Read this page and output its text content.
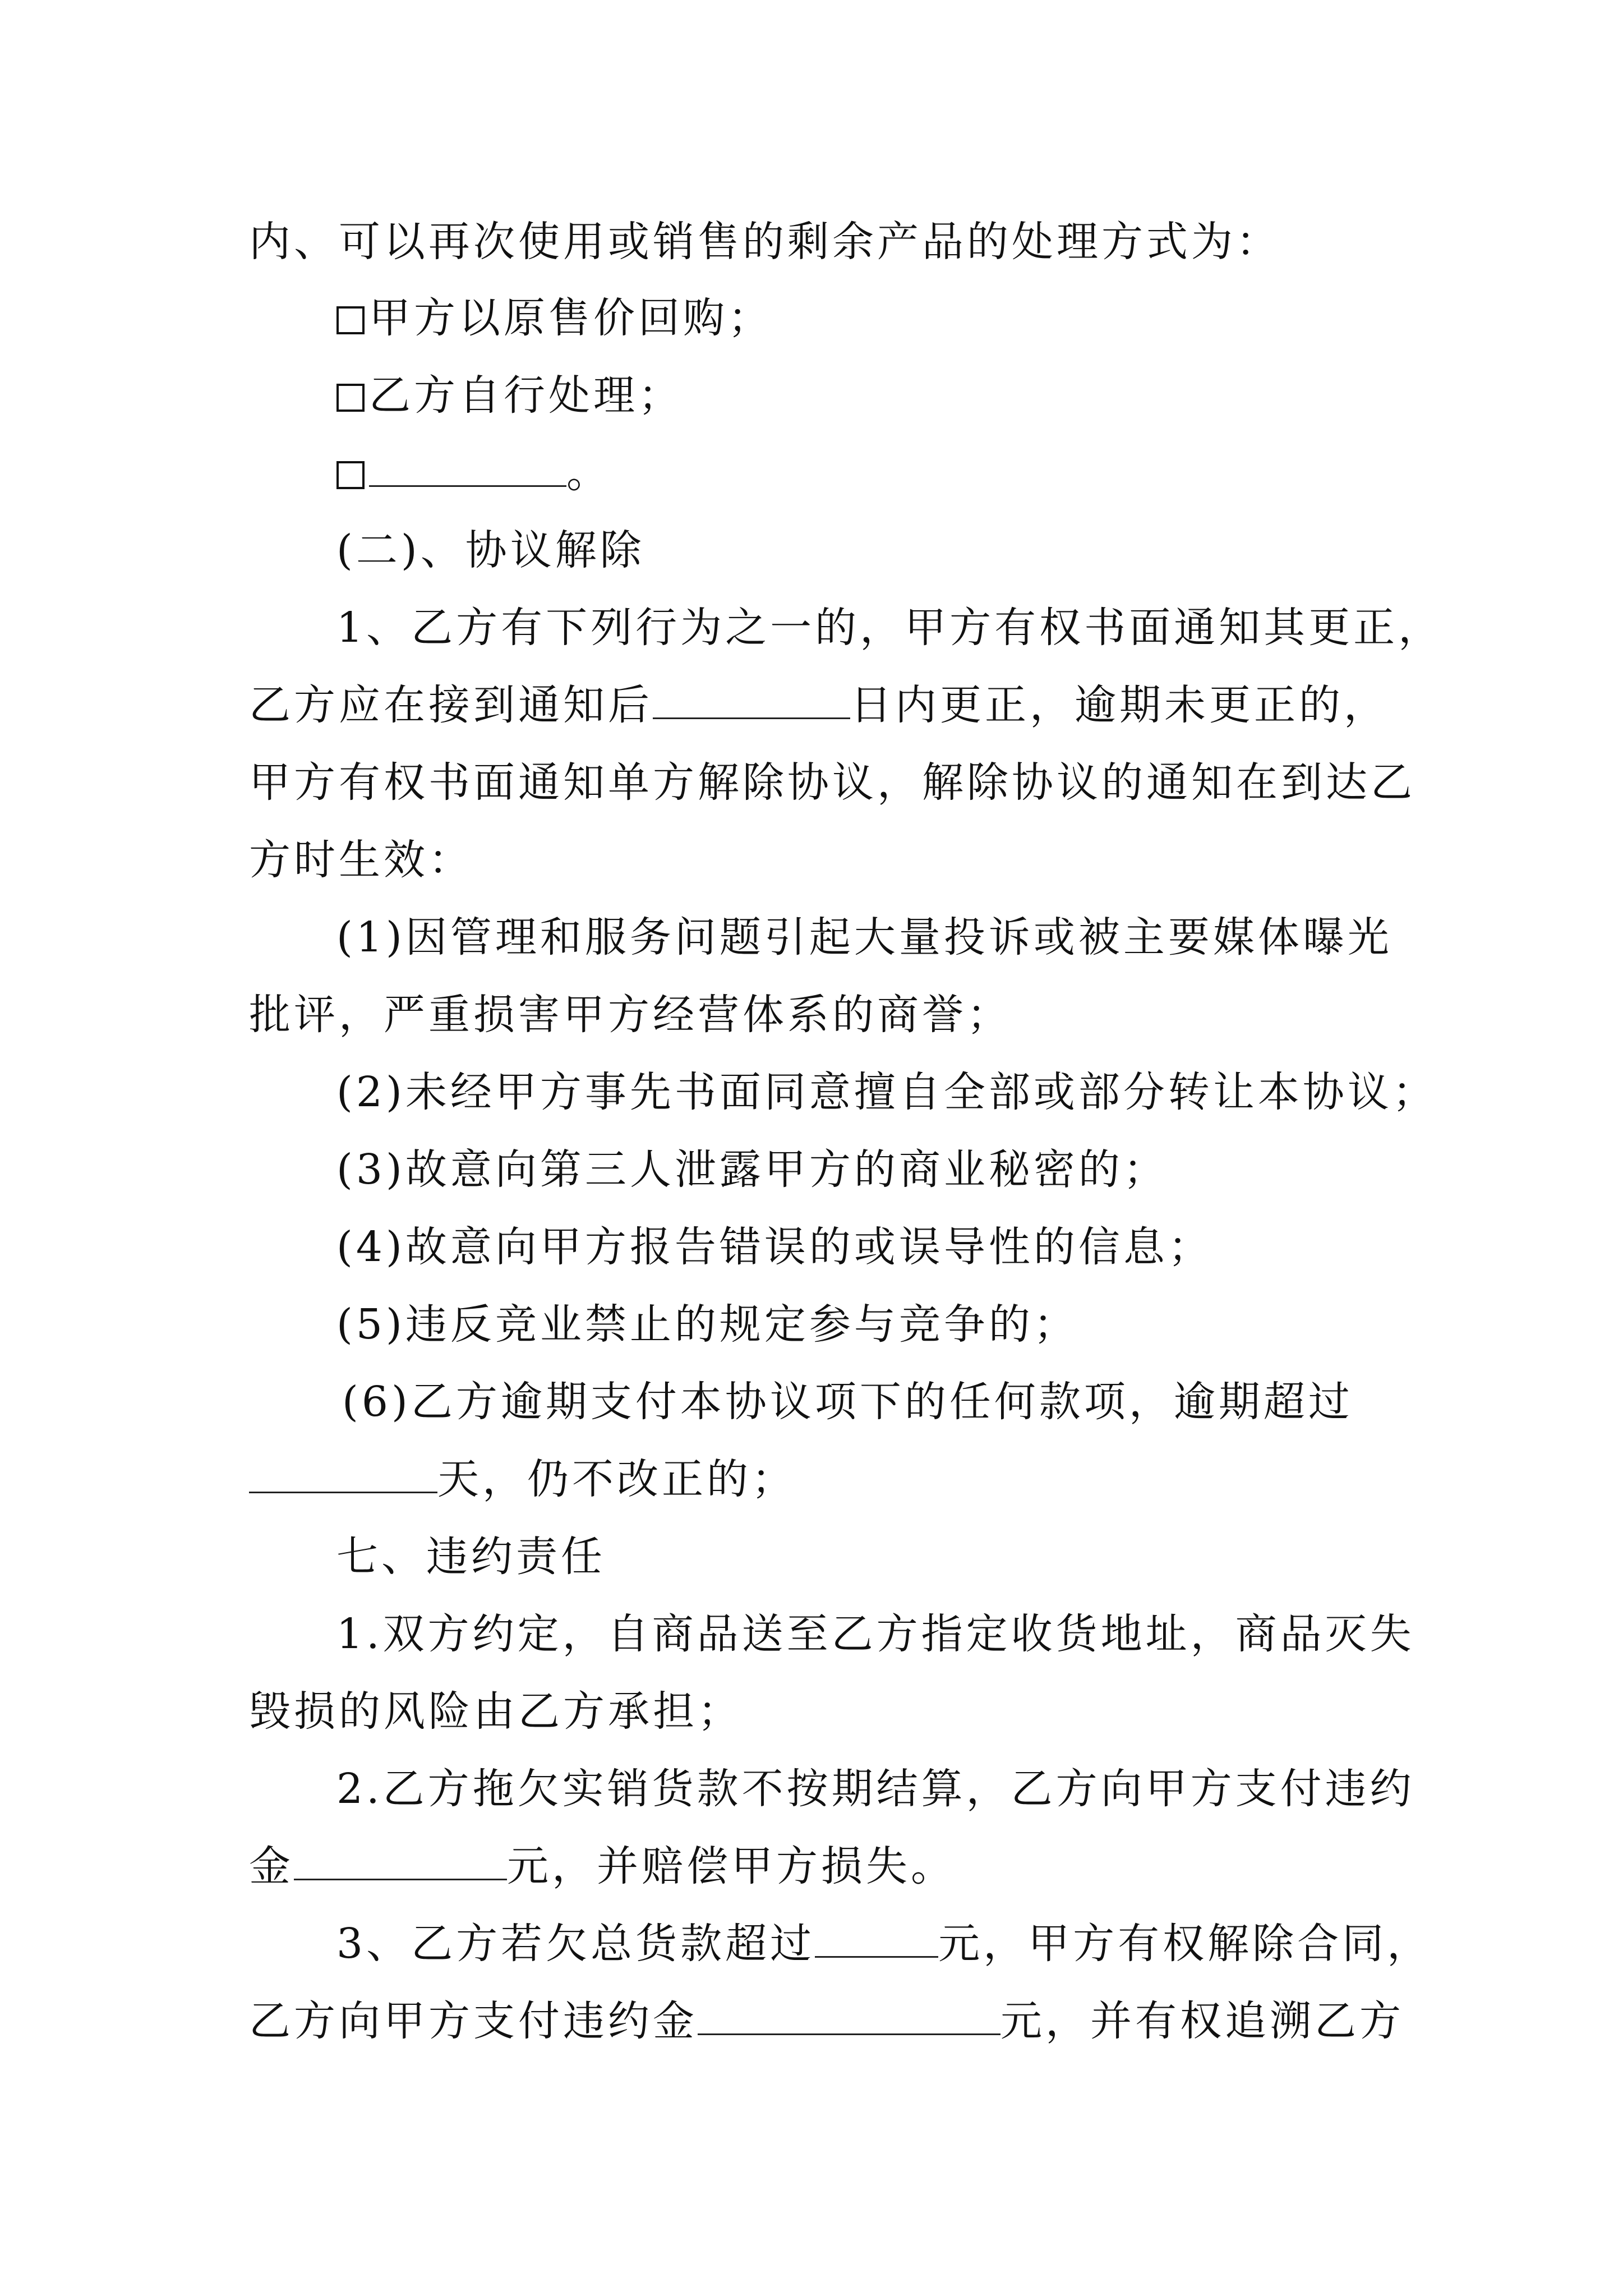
内、可以再次使用或销售的剩余产品的处理方式为：
甲方以原售价回购；
乙方自行处理；
。
(二)、协议解除
1、乙方有下列行为之一的，甲方有权书面通知其更正，
乙方应在接到通知后	日内更正，逾期未更正的，
甲方有权书面通知单方解除协议，解除协议的通知在到达乙
方时生效：
(1)因管理和服务问题引起大量投诉或被主要媒体曝光
批评，严重损害甲方经营体系的商誉；
(2)未经甲方事先书面同意擅自全部或部分转让本协议；
(3)故意向第三人泄露甲方的商业秘密的；
(4)故意向甲方报告错误的或误导性的信息；
(5)违反竞业禁止的规定参与竞争的；
(6)乙方逾期支付本协议项下的任何款项，逾期超过
天，仍不改正的；
七、违约责任
1.双方约定，自商品送至乙方指定收货地址，商品灭失
毁损的风险由乙方承担；
2.乙方拖欠实销货款不按期结算，乙方向甲方支付违约
金	元，并赔偿甲方损失。
3、乙方若欠总货款超过	元，甲方有权解除合同，
乙方向甲方支付违约金	元，并有权追溯乙方
